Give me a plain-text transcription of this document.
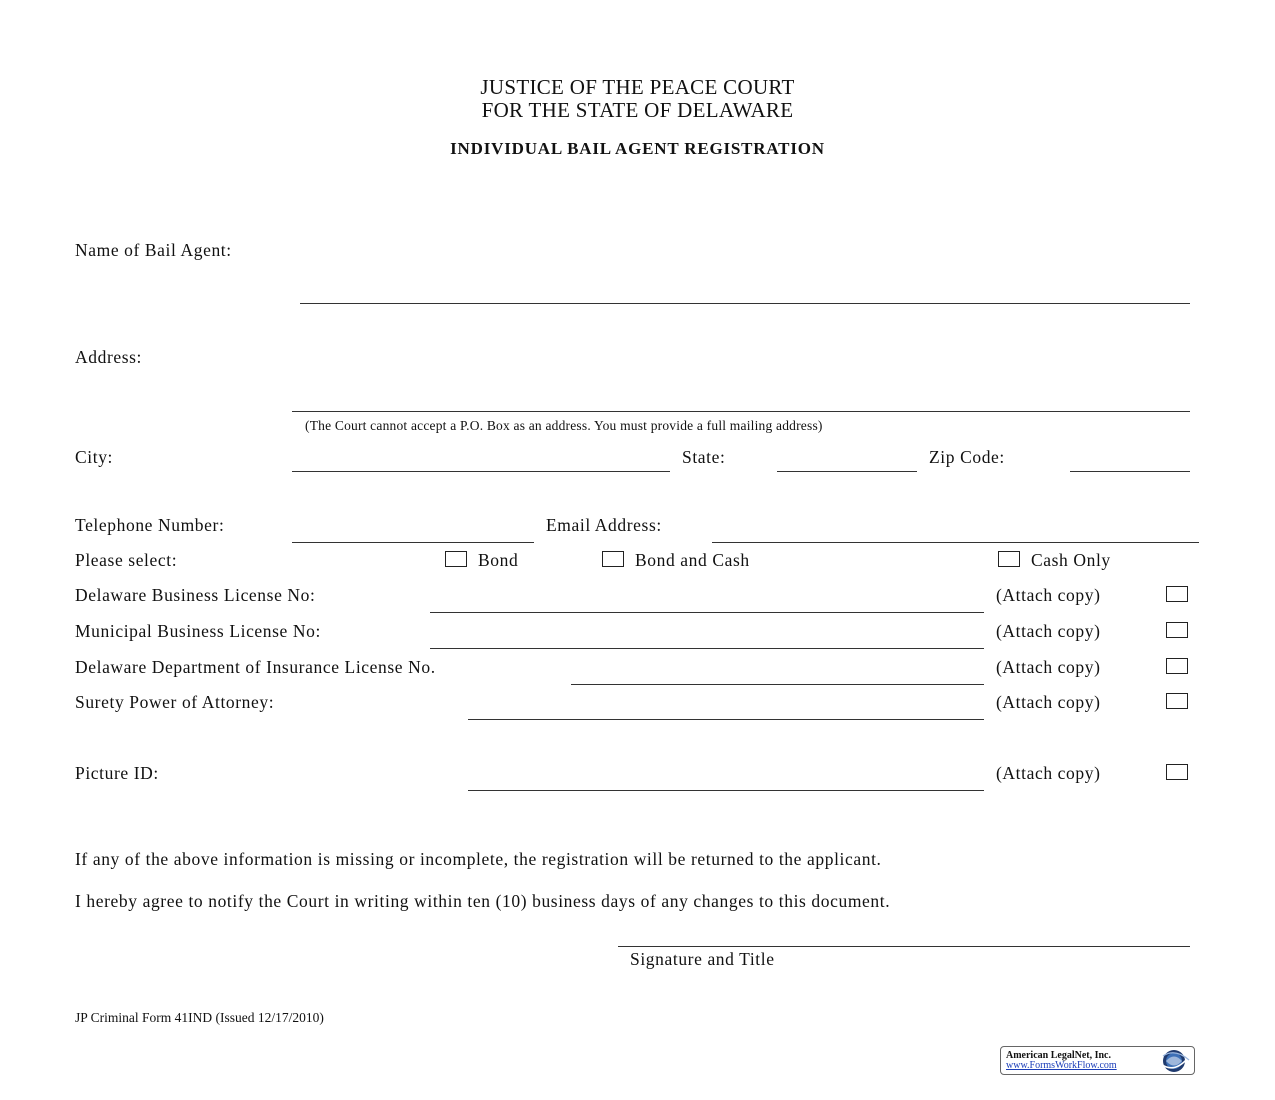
JUSTICE OF THE PEACE COURT
FOR THE STATE OF DELAWARE
INDIVIDUAL BAIL AGENT REGISTRATION
Name of Bail Agent:
Address:
(The Court cannot accept a P.O. Box as an address. You must provide a full mailing address)
City:	State:	Zip Code:
Telephone Number:	Email Address:
Please select:	Bond	Bond and Cash	Cash Only
Delaware Business License No:	(Attach copy)
Municipal Business License No:	(Attach copy)
Delaware Department of Insurance License No.	(Attach copy)
Surety Power of Attorney:	(Attach copy)
Picture ID:	(Attach copy)
If any of the above information is missing or incomplete, the registration will be returned to the applicant.
I hereby agree to notify the Court in writing within ten (10) business days of any changes to this document.
Signature and Title
JP Criminal Form 41IND (Issued 12/17/2010)
American LegalNet, Inc.
www.FormsWorkFlow.com
